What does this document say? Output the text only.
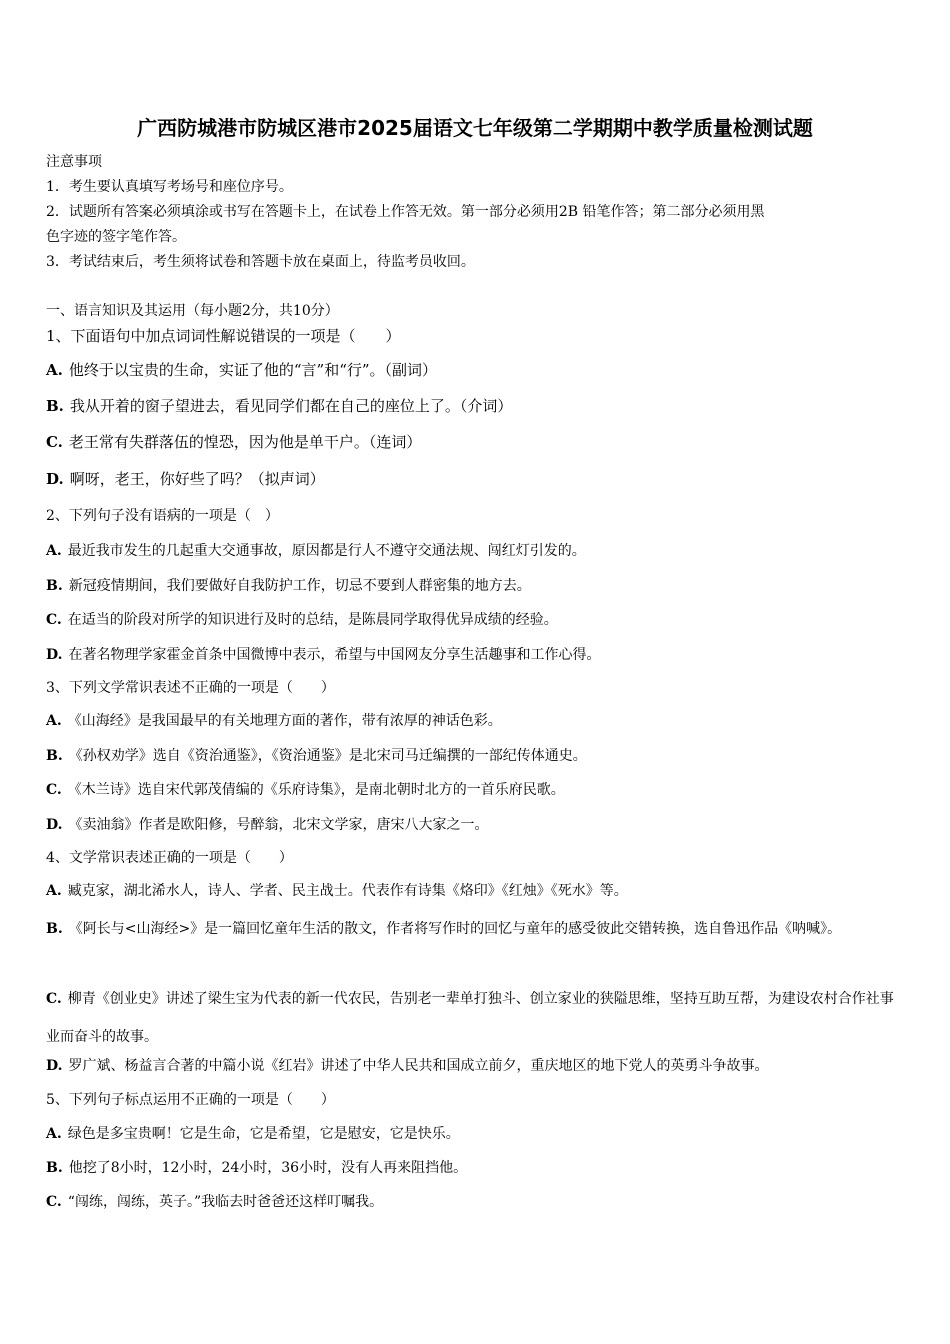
广西防城港市防城区港市2025届语文七年级第二学期期中教学质量检测试题
注意事项
1．考生要认真填写考场号和座位序号。
2．试题所有答案必须填涂或书写在答题卡上，在试卷上作答无效。第一部分必须用2B 铅笔作答；第二部分必须用黑
色字迹的签字笔作答。
3．考试结束后，考生须将试卷和答题卡放在桌面上，待监考员收回。
一、语言知识及其运用（每小题2分，共10分）
1、下面语句中加点词词性解说错误的一项是（　　）
A. 他终于以宝贵的生命，实证了他的“言”和“行”。（副词）
B. 我从开着的窗子望进去，看见同学们都在自己的座位上了。（介词）
C. 老王常有失群落伍的惶恐，因为他是单干户。（连词）
D. 啊呀，老王，你好些了吗？（拟声词）
2、下列句子没有语病的一项是（　）
A. 最近我市发生的几起重大交通事故，原因都是行人不遵守交通法规、闯红灯引发的。
B. 新冠疫情期间，我们要做好自我防护工作，切忌不要到人群密集的地方去。
C. 在适当的阶段对所学的知识进行及时的总结，是陈晨同学取得优异成绩的经验。
D. 在著名物理学家霍金首条中国微博中表示，希望与中国网友分享生活趣事和工作心得。
3、下列文学常识表述不正确的一项是（　　）
A. 《山海经》是我国最早的有关地理方面的著作，带有浓厚的神话色彩。
B. 《孙权劝学》选自《资治通鉴》，《资治通鉴》是北宋司马迁编撰的一部纪传体通史。
C. 《木兰诗》选自宋代郭茂倩编的《乐府诗集》，是南北朝时北方的一首乐府民歌。
D. 《卖油翁》作者是欧阳修，号醉翁，北宋文学家，唐宋八大家之一。
4、文学常识表述正确的一项是（　　）
A. 臧克家，湖北浠水人，诗人、学者、民主战士。代表作有诗集《烙印》《红烛》《死水》等。
B. 《阿长与<山海经>》是一篇回忆童年生活的散文，作者将写作时的回忆与童年的感受彼此交错转换，选自鲁迅作品《呐喊》。
C. 柳青《创业史》讲述了梁生宝为代表的新一代农民，告别老一辈单打独斗、创立家业的狭隘思维，坚持互助互帮，为建设农村合作社事业而奋斗的故事。
D. 罗广斌、杨益言合著的中篇小说《红岩》讲述了中华人民共和国成立前夕，重庆地区的地下党人的英勇斗争故事。
5、下列句子标点运用不正确的一项是（　　）
A. 绿色是多宝贵啊！它是生命，它是希望，它是慰安，它是快乐。
B. 他挖了8小时，12小时，24小时，36小时，没有人再来阻挡他。
C. “闯练，闯练，英子。”我临去时爸爸还这样叮嘱我。
